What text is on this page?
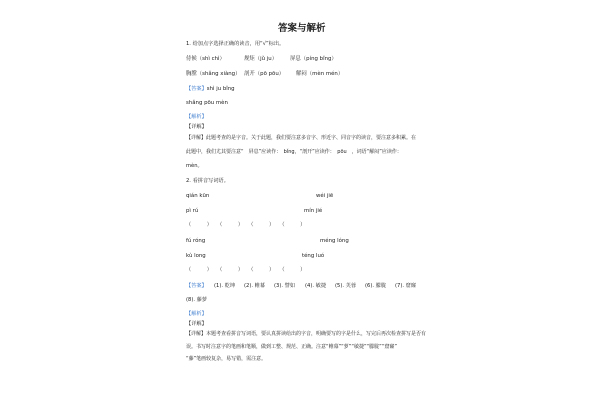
答案与解析
1. 给加点字选择正确的读音，用“√”标出。
侍候（shì chì）	规矩（jǔ ju） 屏息（píng bǐng）
胸膛（shǎng xiàng） 剖开（pō pōu） 解闷（mèn mén）
【答案】shì ju bǐng
shǎng pōu mèn
【解析】
【详解】
【详解】此题考查的是字音。关于此题，我们要注意多音字、形近字、同音字的读音，要注意多积累。在
此题中，我们尤其要注意“　屏息”应读作：　bǐng，“剖开”应读作：　pōu　，词语“解闷”应读作：
mèn。
2. 看拼音写词语。
qián kūn	wéi jiē
pì rú	mín jié
（　　　）　　（　　　）　　（　　　）　　（　　　）
fú róng	méng lóng
kù long	téng luó
（　　　）　　（　　　）　　（　　　）　　（　　　）
【答案】 (1). 乾坤 (2). 帷幕 (3). 譬如 (4). 敏捷 (5). 芙蓉 (6). 朦胧 (7). 窟窿
(8). 藤萝
【解析】
【详解】
【详解】本题考查看拼音写词语，要认真拼读给出的字音，明确要写的字是什么，写完后再次检查拼写是否有
误。书写时注意字的笔画和笔顺，做到工整、规范、正确。注意“帷幕”“萝”“敏捷”“朦胧”“窟窿”
“藤”笔画较复杂，易写错，需注意。
